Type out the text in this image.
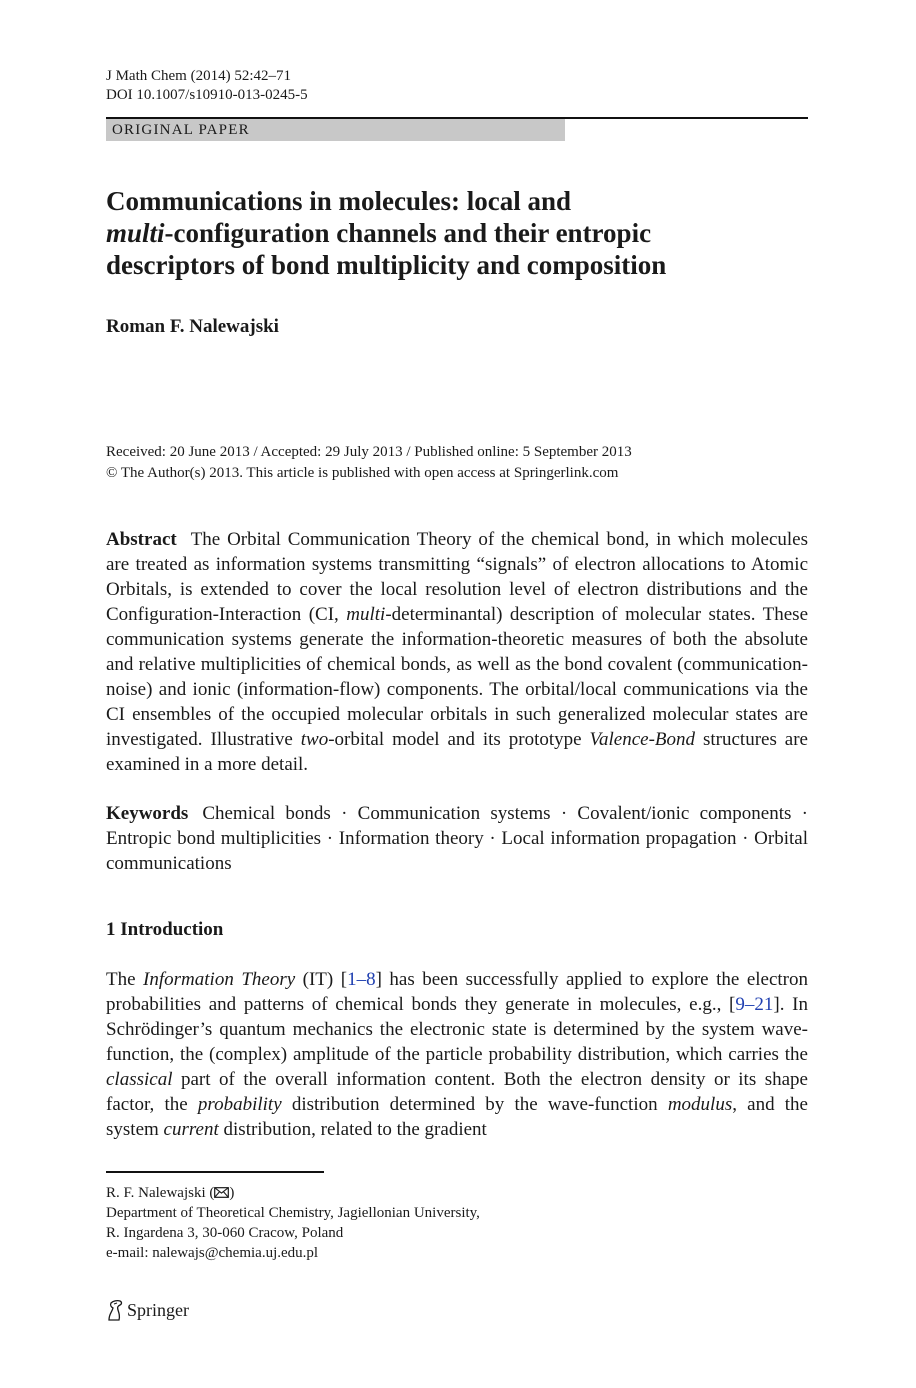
J Math Chem (2014) 52:42–71
DOI 10.1007/s10910-013-0245-5
ORIGINAL PAPER
Communications in molecules: local and
multi-configuration channels and their entropic
descriptors of bond multiplicity and composition
Roman F. Nalewajski
Received: 20 June 2013 / Accepted: 29 July 2013 / Published online: 5 September 2013
© The Author(s) 2013. This article is published with open access at Springerlink.com
Abstract The Orbital Communication Theory of the chemical bond, in which molecules are treated as information systems transmitting “signals” of electron allocations to Atomic Orbitals, is extended to cover the local resolution level of electron distributions and the Configuration-Interaction (CI, multi-determinantal) description of molecular states. These communication systems generate the information-theoretic measures of both the absolute and relative multiplicities of chemical bonds, as well as the bond covalent (communication-noise) and ionic (information-flow) components. The orbital/local communications via the CI ensembles of the occupied molecular orbitals in such generalized molecular states are investigated. Illustrative two-orbital model and its prototype Valence-Bond structures are examined in a more detail.
Keywords Chemical bonds · Communication systems · Covalent/ionic components · Entropic bond multiplicities · Information theory · Local information propagation · Orbital communications
1 Introduction
The Information Theory (IT) [1–8] has been successfully applied to explore the electron probabilities and patterns of chemical bonds they generate in molecules, e.g., [9–21]. In Schrödinger’s quantum mechanics the electronic state is determined by the system wave-function, the (complex) amplitude of the particle probability distribution, which carries the classical part of the overall information content. Both the electron density or its shape factor, the probability distribution determined by the wave-function modulus, and the system current distribution, related to the gradient
R. F. Nalewajski ( )
Department of Theoretical Chemistry, Jagiellonian University,
R. Ingardena 3, 30-060 Cracow, Poland
e-mail: nalewajs@chemia.uj.edu.pl
Springer
